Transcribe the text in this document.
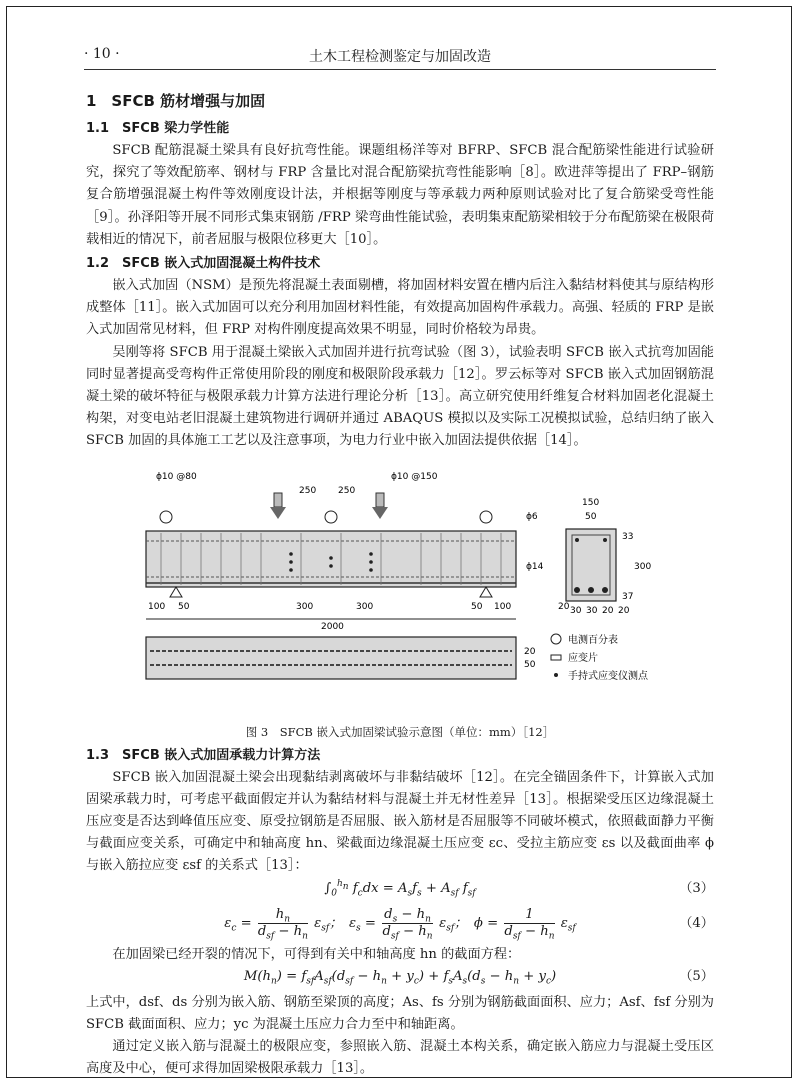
· 10 ·	土木工程检测鉴定与加固改造
1　SFCB 筋材增强与加固
1.1　SFCB 梁力学性能

SFCB 配筋混凝土梁具有良好抗弯性能。课题组杨洋等对 BFRP、SFCB 混合配筋梁性能进行试验研究，探究了等效配筋率、钢材与 FRP 含量比对混合配筋梁抗弯性能影响［8］。欧进萍等提出了 FRP–钢筋复合筋增强混凝土构件等效刚度设计法，并根据等刚度与等承载力两种原则试验对比了复合筋梁受弯性能［9］。孙泽阳等开展不同形式集束钢筋 /FRP 梁弯曲性能试验，表明集束配筋梁相较于分布配筋梁在极限荷载相近的情况下，前者屈服与极限位移更大［10］。

1.2　SFCB 嵌入式加固混凝土构件技术

嵌入式加固（NSM）是预先将混凝土表面剔槽，将加固材料安置在槽内后注入黏结材料使其与原结构形成整体［11］。嵌入式加固可以充分利用加固材料性能，有效提高加固构件承载力。高强、轻质的 FRP 是嵌入式加固常见材料，但 FRP 对构件刚度提高效果不明显，同时价格较为昂贵。

吴刚等将 SFCB 用于混凝土梁嵌入式加固并进行抗弯试验（图 3），试验表明 SFCB 嵌入式抗弯加固能同时显著提高受弯构件正常使用阶段的刚度和极限阶段承载力［12］。罗云标等对 SFCB 嵌入式加固钢筋混凝土梁的破坏特征与极限承载力计算方法进行理论分析［13］。高立研究使用纤维复合材料加固老化混凝土构架，对变电站老旧混凝土建筑物进行调研并通过 ABAQUS 模拟以及实际工况模拟试验，总结归纳了嵌入 SFCB 加固的具体施工工艺以及注意事项，为电力行业中嵌入加固法提供依据［14］。

ϕ10 @80	ϕ10 @150
250 250
100 50	300	300	50 100
2000
ϕ6
ϕ14
150
50
33
300
37
20 30 30 20 20
20
50
电测百分表
应变片
手持式应变仪测点

图 3　SFCB 嵌入式加固梁试验示意图（单位：mm）［12］

1.3　SFCB 嵌入式加固承载力计算方法

SFCB 嵌入加固混凝土梁会出现黏结剥离破坏与非黏结破坏［12］。在完全锚固条件下，计算嵌入式加固梁承载力时，可考虑平截面假定并认为黏结材料与混凝土并无材性差异［13］。根据梁受压区边缘混凝土压应变是否达到峰值压应变、原受拉钢筋是否屈服、嵌入筋材是否屈服等不同破坏模式，依照截面静力平衡与截面应变关系，可确定中和轴高度 hn、梁截面边缘混凝土压应变 εc、受拉主筋应变 εs 以及截面曲率 ϕ 与嵌入筋拉应变 εsf 的关系式［13］：

$\int_0^{h_n}$ $f_cdx = A_sf_s + A_{sf}$ $f_{sf}$	（3）
$\varepsilon_c = \frac{h_n}{d_{sf} - h_n} \varepsilon_{sf}$；　$\varepsilon_s = \frac{d_s - h_n}{d_{sf} - h_n} \varepsilon_{sf}$；　$\phi = \frac{1}{d_{sf} - h_n} \varepsilon_{sf}$	（4）

在加固梁已经开裂的情况下，可得到有关中和轴高度 hn 的截面方程：

$M(h_n) = f_{sf}A_{sf}(d_{sf} - h_n + y_c) + f_sA_s(d_s - h_n + y_c)$	（5）

上式中，dsf、ds 分别为嵌入筋、钢筋至梁顶的高度；As、fs 分别为钢筋截面面积、应力；Asf、fsf 分别为 SFCB 截面面积、应力；yc 为混凝土压应力合力至中和轴距离。

通过定义嵌入筋与混凝土的极限应变，参照嵌入筋、混凝土本构关系，确定嵌入筋应力与混凝土受压区高度及中心，便可求得加固梁极限承载力［13］。
